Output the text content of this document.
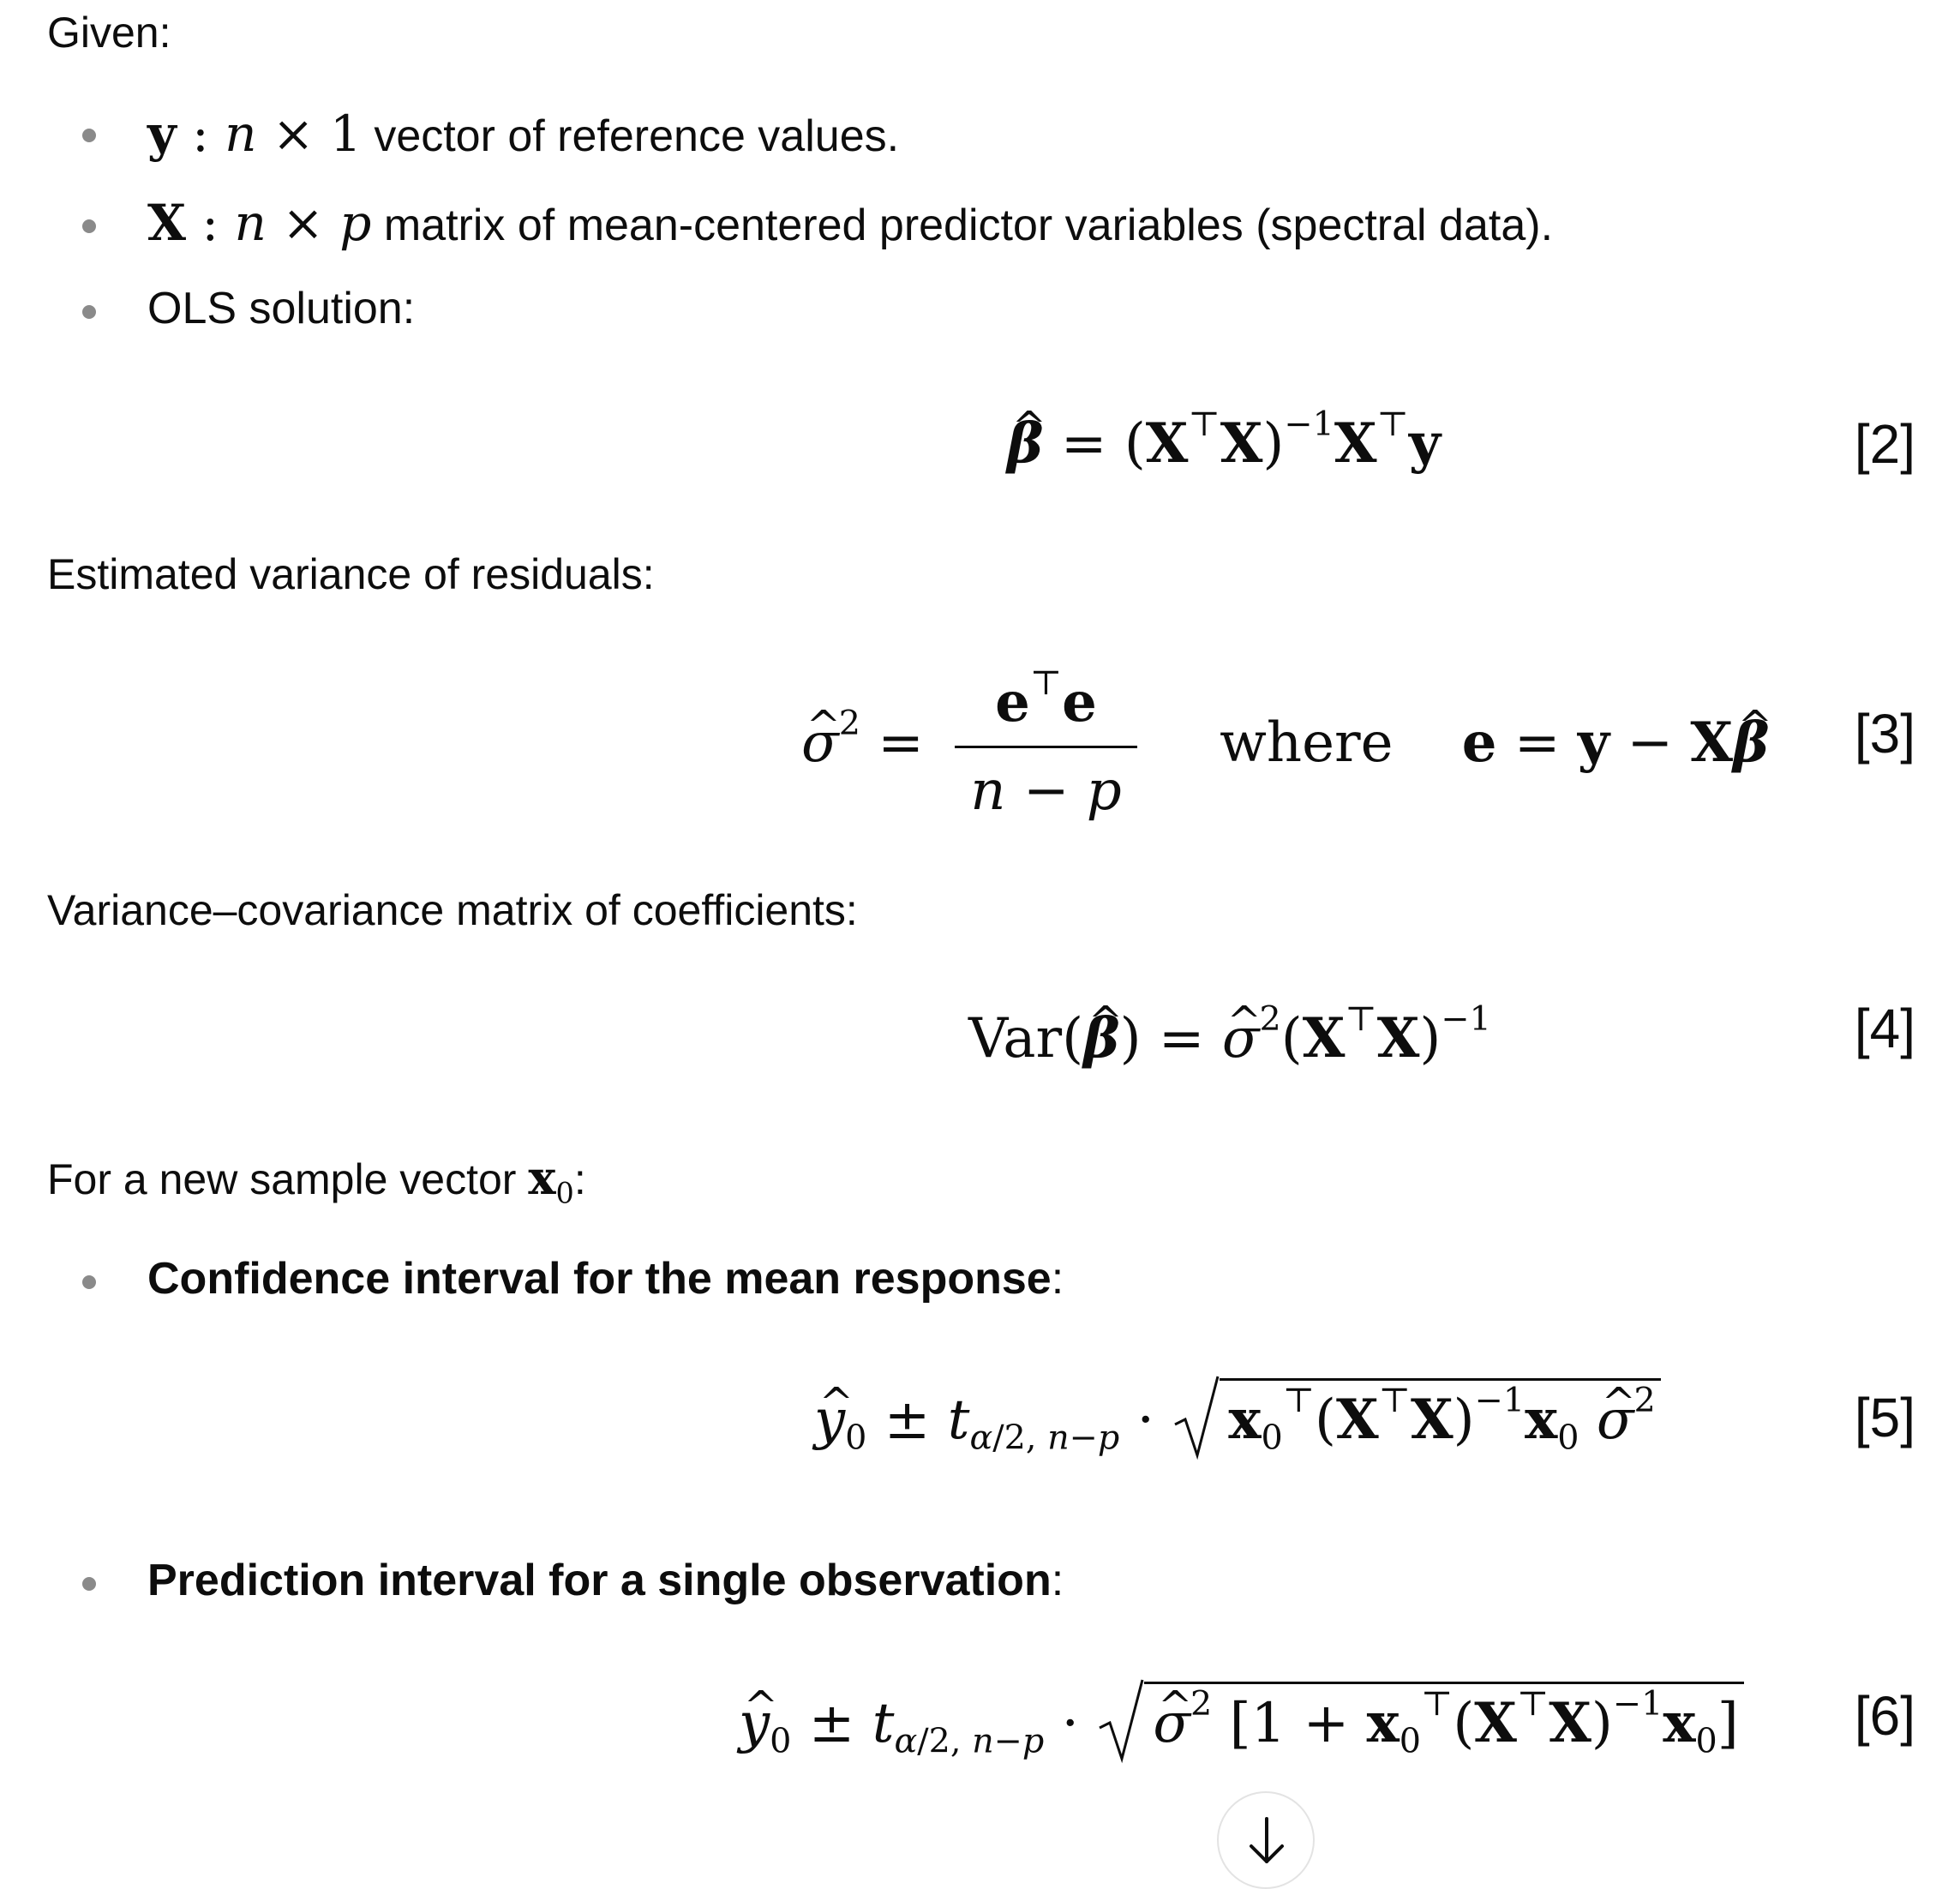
Given:
y : n × 1 vector of reference values.
X : n × p matrix of mean-centered predictor variables (spectral data).
OLS solution:
^ $\beta = (X^⊤X)^{-1}X^⊤y$	[2]
Estimated variance of residuals:
^ $\sigma^2 = \frac{e^⊤e}{n - p}$ where e = y − X^ β [3]
Variance–covariance matrix of coefficients:
Var(^ β) = ^ $\sigma^2(X^⊤X)^{-1}$	[4]
For a new sample vector $x_0$:
Confidence interval for the mean response:
^ $y_0 \pm t_{\alpha/2, n-p}$ ·
$x_0^⊤(X^⊤X)^{-1}x_0$ ^ $\sigma^2$	[5]
Prediction interval for a single observation:
^ $y_0 \pm t_{\alpha/2, n-p}$ ·
^ $\sigma^2$ $[1 + x_0^⊤(X^⊤X)^{-1}x_0]$ [6]
